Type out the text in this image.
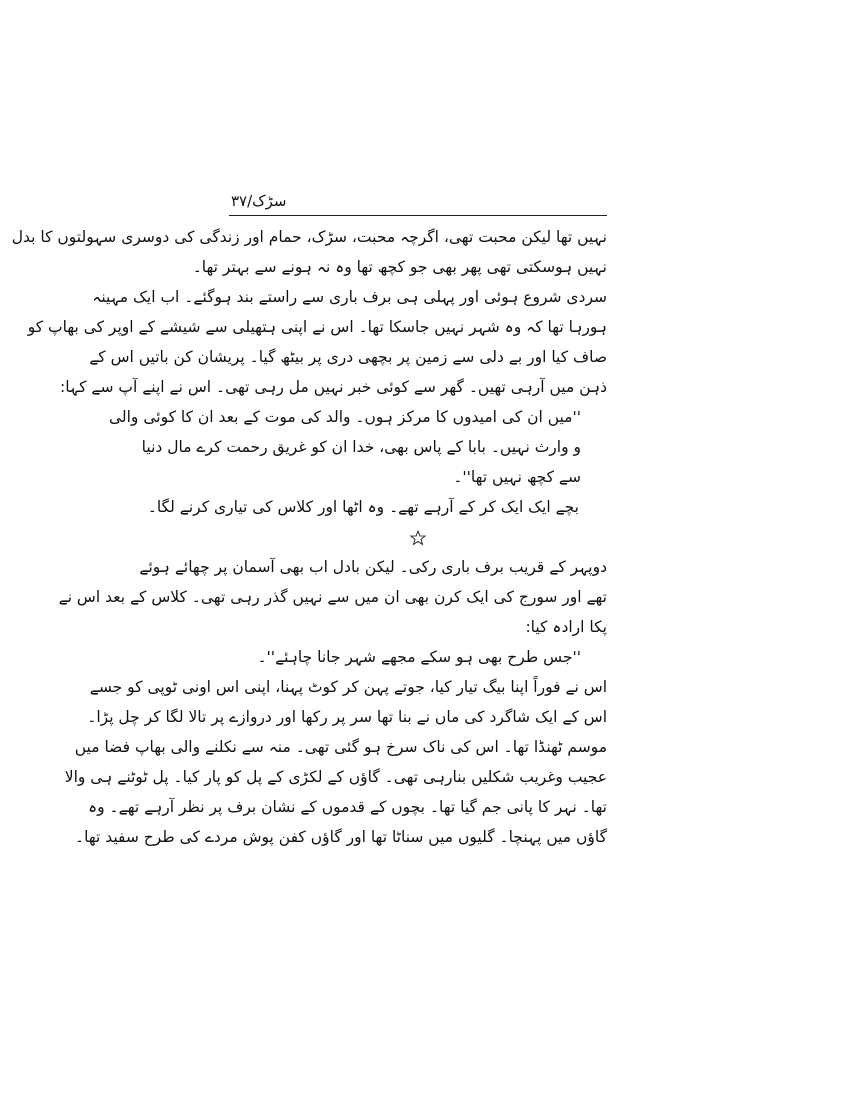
سڑک/۳۷
نہیں تھا لیکن محبت تھی، اگرچہ محبت، سڑک، حمام اور زندگی کی دوسری سہولتوں کا بدل
نہیں ہوسکتی تھی پھر بھی جو کچھ تھا وہ نہ ہونے سے بہتر تھا۔
سردی شروع ہوئی اور پہلی ہی برف باری سے راستے بند ہوگئے۔ اب ایک مہینہ
ہورہا تھا کہ وہ شہر نہیں جاسکا تھا۔ اس نے اپنی ہتھیلی سے شیشے کے اوپر کی بھاپ کو
صاف کیا اور بے دلی سے زمین پر بچھی دری پر بیٹھ گیا۔ پریشان کن باتیں اس کے
ذہن میں آرہی تھیں۔ گھر سے کوئی خبر نہیں مل رہی تھی۔ اس نے اپنے آپ سے کہا:
''میں ان کی امیدوں کا مرکز ہوں۔ والد کی موت کے بعد ان کا کوئی والی
و وارث نہیں۔ بابا کے پاس بھی، خدا ان کو غریق رحمت کرے مال دنیا
سے کچھ نہیں تھا''۔
بچے ایک ایک کر کے آرہے تھے۔ وہ اٹھا اور کلاس کی تیاری کرنے لگا۔
دوپہر کے قریب برف باری رکی۔ لیکن بادل اب بھی آسمان پر چھائے ہوئے
تھے اور سورج کی ایک کرن بھی ان میں سے نہیں گذر رہی تھی۔ کلاس کے بعد اس نے
پکا ارادہ کیا:
''جس طرح بھی ہو سکے مجھے شہر جانا چاہئے''۔
اس نے فوراً اپنا بیگ تیار کیا، جوتے پہن کر کوٹ پہنا، اپنی اس اونی ٹوپی کو جسے
اس کے ایک شاگرد کی ماں نے بنا تھا سر پر رکھا اور دروازے پر تالا لگا کر چل پڑا۔
موسم ٹھنڈا تھا۔ اس کی ناک سرخ ہو گئی تھی۔ منہ سے نکلنے والی بھاپ فضا میں
عجیب وغریب شکلیں بنارہی تھی۔ گاؤں کے لکڑی کے پل کو پار کیا۔ پل ٹوٹنے ہی والا
تھا۔ نہر کا پانی جم گیا تھا۔ بچوں کے قدموں کے نشان برف پر نظر آرہے تھے۔ وہ
گاؤں میں پہنچا۔ گلیوں میں سناٹا تھا اور گاؤں کفن پوش مردے کی طرح سفید تھا۔
